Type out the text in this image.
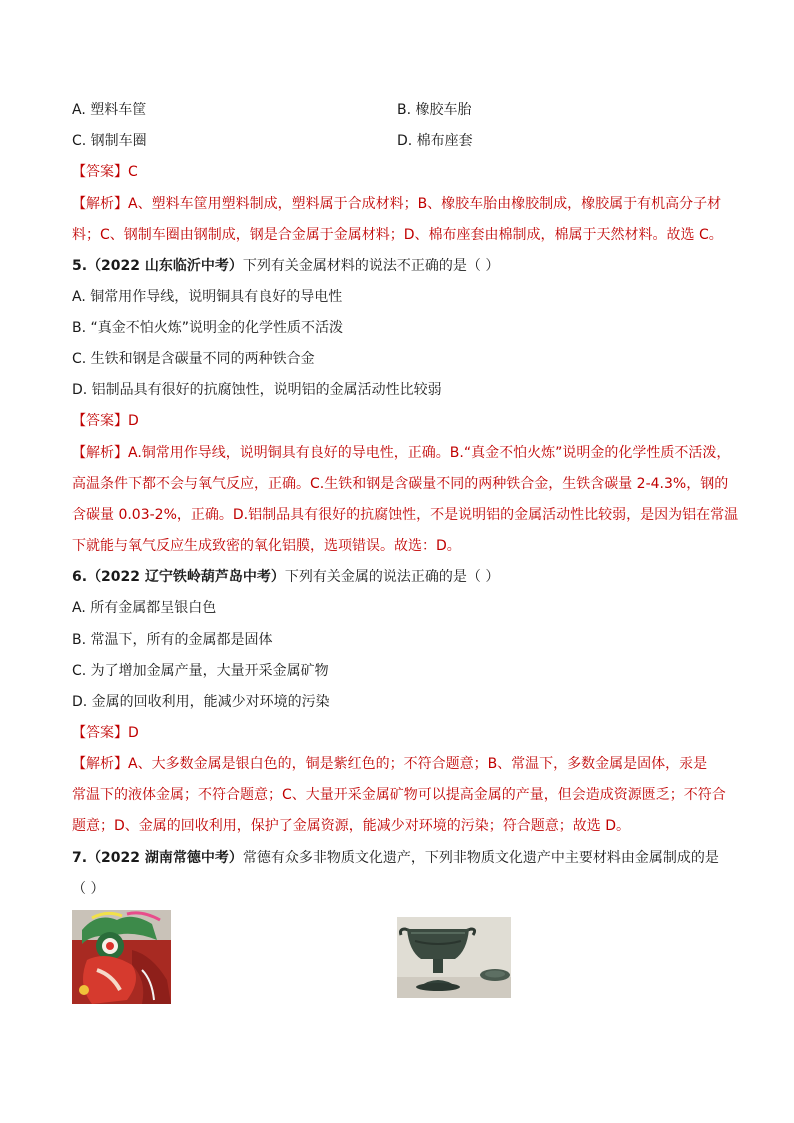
A. 塑料车筐	B. 橡胶车胎
C. 钢制车圈	D. 棉布座套
【答案】C
【解析】A、塑料车筐用塑料制成，塑料属于合成材料；B、橡胶车胎由橡胶制成，橡胶属于有机高分子材
料；C、钢制车圈由钢制成，钢是合金属于金属材料；D、棉布座套由棉制成，棉属于天然材料。故选 C。
5.（2022 山东临沂中考）下列有关金属材料的说法不正确的是（ ）
A. 铜常用作导线，说明铜具有良好的导电性
B. “真金不怕火炼”说明金的化学性质不活泼
C. 生铁和钢是含碳量不同的两种铁合金
D. 铝制品具有很好的抗腐蚀性，说明铝的金属活动性比较弱
【答案】D
【解析】A.铜常用作导线，说明铜具有良好的导电性，正确。B.“真金不怕火炼”说明金的化学性质不活泼，
高温条件下都不会与氧气反应，正确。C.生铁和钢是含碳量不同的两种铁合金，生铁含碳量 2-4.3%，钢的
含碳量 0.03-2%，正确。D.铝制品具有很好的抗腐蚀性，不是说明铝的金属活动性比较弱，是因为铝在常温
下就能与氧气反应生成致密的氧化铝膜，选项错误。故选：D。
6.（2022 辽宁铁岭葫芦岛中考）下列有关金属的说法正确的是（ ）
A. 所有金属都呈银白色
B. 常温下，所有的金属都是固体
C. 为了增加金属产量，大量开采金属矿物
D. 金属的回收利用，能减少对环境的污染
【答案】D
【解析】A、大多数金属是银白色的，铜是紫红色的；不符合题意；B、常温下，多数金属是固体，汞是
常温下的液体金属；不符合题意；C、大量开采金属矿物可以提高金属的产量，但会造成资源匮乏；不符合
题意；D、金属的回收利用，保护了金属资源，能减少对环境的污染；符合题意；故选 D。
7.（2022 湖南常德中考）常德有众多非物质文化遗产，下列非物质文化遗产中主要材料由金属制成的是
（ ）
